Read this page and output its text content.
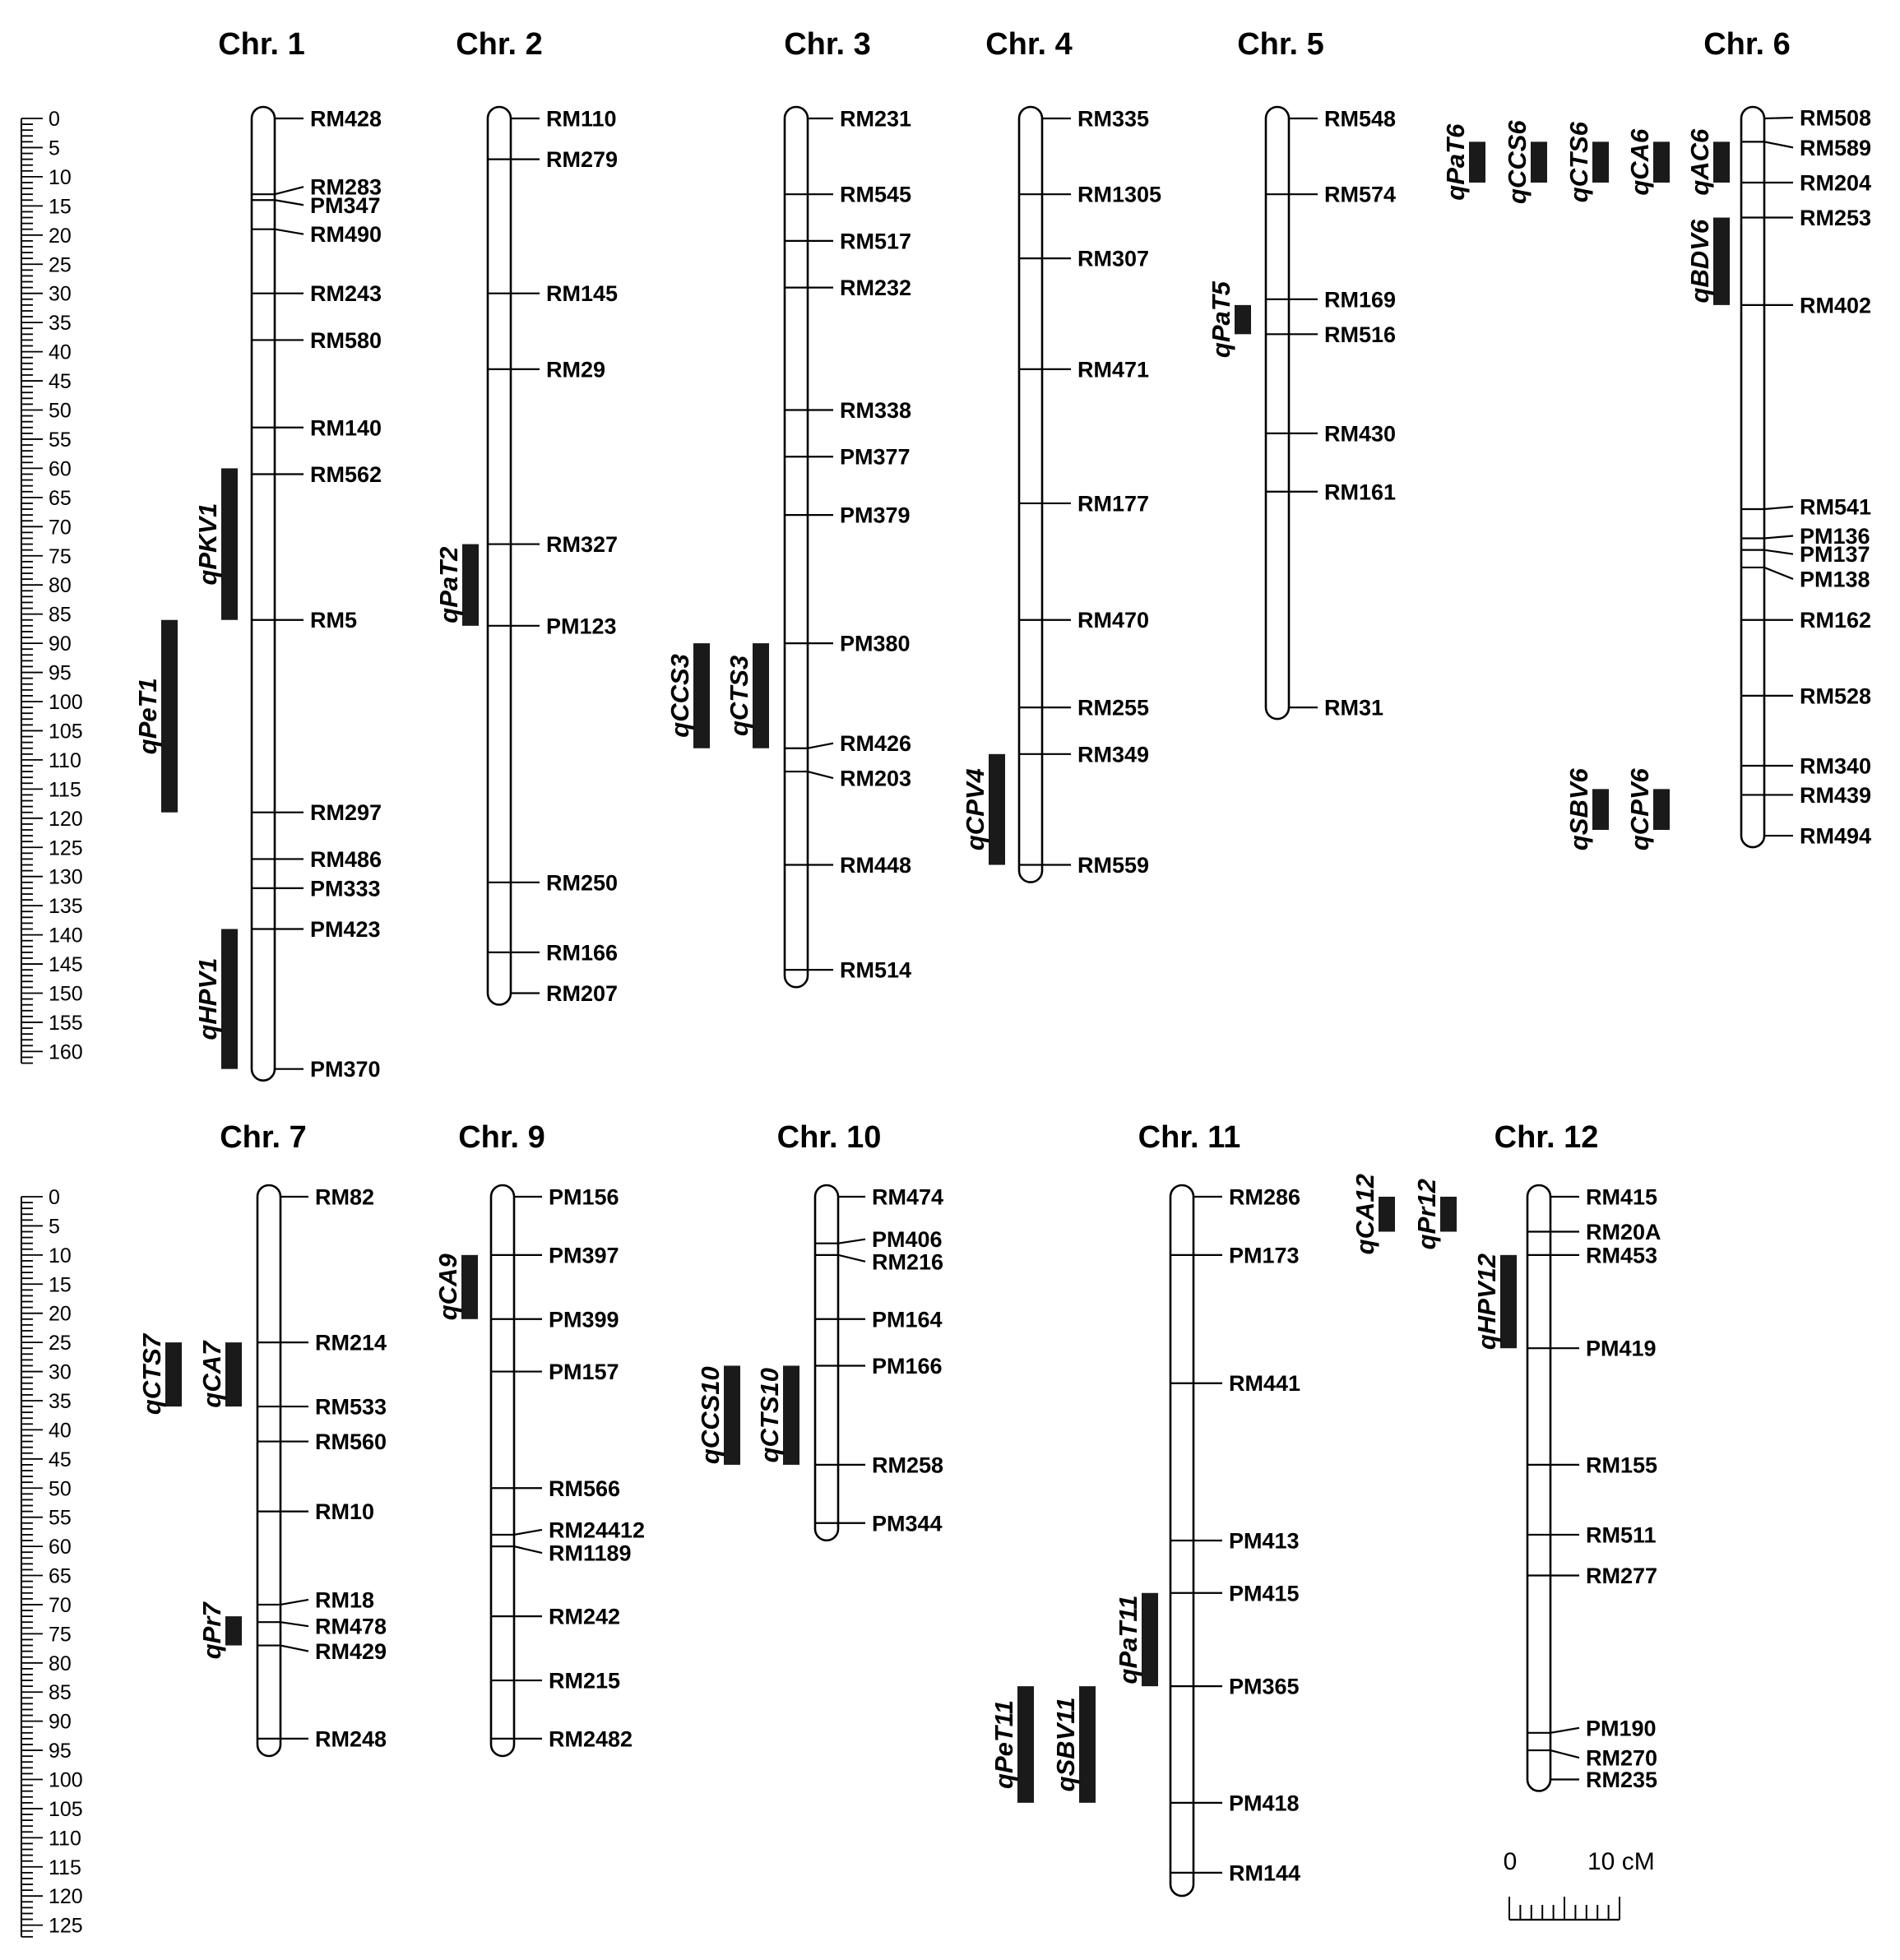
Chr. 1
RM428
RM283
PM347
RM490
RM243
RM580
RM140
RM562
RM5
RM297
RM486
PM333
PM423
PM370
qPKV1
qPeT1
qHPV1
Chr. 2
RM110
RM279
RM145
RM29
RM327
PM123
RM250
RM166
RM207
qPaT2
Chr. 3
RM231
RM545
RM517
RM232
RM338
PM377
PM379
PM380
RM426
RM203
RM448
RM514
qCTS3
qCCS3
Chr. 4
RM335
RM1305
RM307
RM471
RM177
RM470
RM255
RM349
RM559
qCPV4
Chr. 5
RM548
RM574
RM169
RM516
RM430
RM161
RM31
qPaT5
Chr. 6
RM508
RM589
RM204
RM253
RM402
RM541
PM136
PM137
PM138
RM162
RM528
RM340
RM439
RM494
qAC6
qCA6
qCTS6
qCCS6
qPaT6
qBDV6
qCPV6
qSBV6
Chr. 7
RM82
RM214
RM533
RM560
RM10
RM18
RM478
RM429
RM248
qCA7
qCTS7
qPr7
Chr. 9
PM156
PM397
PM399
PM157
RM566
RM24412
RM1189
RM242
RM215
RM2482
qCA9
Chr. 10
RM474
PM406
RM216
PM164
PM166
RM258
PM344
qCTS10
qCCS10
Chr. 11
RM286
PM173
RM441
PM413
PM415
PM365
PM418
RM144
qPaT11
qSBV11
qPeT11
Chr. 12
RM415
RM20A
RM453
PM419
RM155
RM511
RM277
PM190
RM270
RM235
qHPV12
qPr12
qCA12
0
5
10
15
20
25
30
35
40
45
50
55
60
65
70
75
80
85
90
95
100
105
110
115
120
125
130
135
140
145
150
155
160
0
5
10
15
20
25
30
35
40
45
50
55
60
65
70
75
80
85
90
95
100
105
110
115
120
125
0	10 cM
